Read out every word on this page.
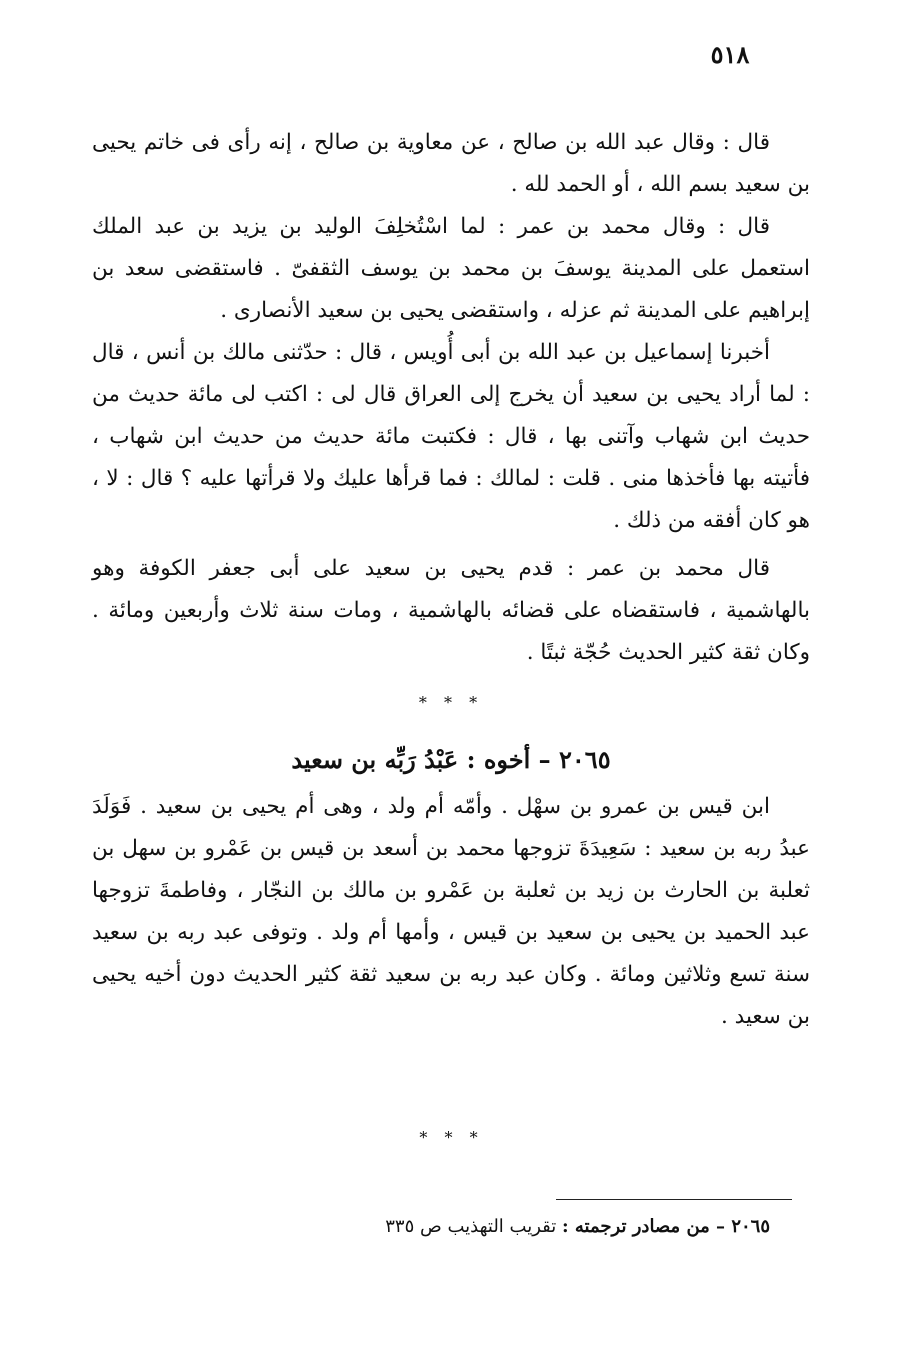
٥١٨

قال : وقال عبد الله بن صالح ، عن معاوية بن صالح ، إنه رأى فى خاتم يحيى بن سعيد بسم الله ، أو الحمد لله .

قال : وقال محمد بن عمر : لما اسْتُخلِفَ الوليد بن يزيد بن عبد الملك استعمل على المدينة يوسفَ بن محمد بن يوسف الثقفىّ . فاستقضى سعد بن إبراهيم على المدينة ثم عزله ، واستقضى يحيى بن سعيد الأنصارى .

أخبرنا إسماعيل بن عبد الله بن أبى أُويس ، قال : حدّثنى مالك بن أنس ، قال : لما أراد يحيى بن سعيد أن يخرج إلى العراق قال لى : اكتب لى مائة حديث من حديث ابن شهاب وآتنى بها ، قال : فكتبت مائة حديث من حديث ابن شهاب ، فأتيته بها فأخذها منى . قلت : لمالك : فما قرأها عليك ولا قرأتها عليه ؟ قال : لا ، هو كان أفقه من ذلك .

قال محمد بن عمر : قدم يحيى بن سعيد على أبى جعفر الكوفة وهو بالهاشمية ، فاستقضاه على قضائه بالهاشمية ، ومات سنة ثلاث وأربعين ومائة . وكان ثقة كثير الحديث حُجّة ثبتًا .

* * *
٢٠٦٥ – أخوه : عَبْدُ رَبِّه بن سعيد

ابن قيس بن عمرو بن سهْل . وأمّه أم ولد ، وهى أم يحيى بن سعيد . فَوَلَدَ عبدُ ربه بن سعيد : سَعِيدَةَ تزوجها محمد بن أسعد بن قيس بن عَمْرو بن سهل بن ثعلبة بن الحارث بن زيد بن ثعلبة بن عَمْرو بن مالك بن النجّار ، وفاطمةَ تزوجها عبد الحميد بن يحيى بن سعيد بن قيس ، وأمها أم ولد . وتوفى عبد ربه بن سعيد سنة تسع وثلاثين ومائة . وكان عبد ربه بن سعيد ثقة كثير الحديث دون أخيه يحيى بن سعيد .

* * *
٢٠٦٥ – من مصادر ترجمته : تقريب التهذيب ص ٣٣٥
